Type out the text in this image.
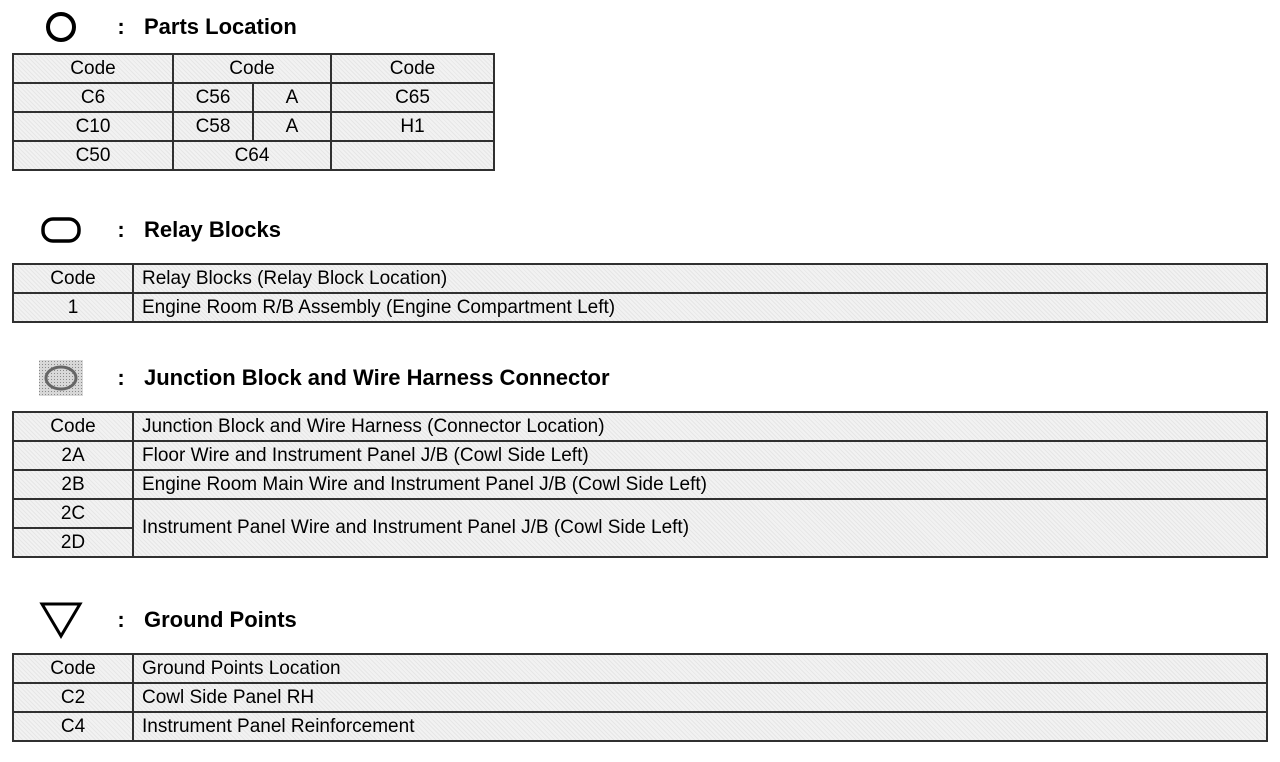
: Parts Location
Code	Code		Code
C6	C56	A	C65
C10	C58	A	H1
C50	C64		
: Relay Blocks
Code	Relay Blocks (Relay Block Location)
1	Engine Room R/B Assembly (Engine Compartment Left)
: Junction Block and Wire Harness Connector
Code	Junction Block and Wire Harness (Connector Location)
2A	Floor Wire and Instrument Panel J/B (Cowl Side Left)
2B	Engine Room Main Wire and Instrument Panel J/B (Cowl Side Left)
2C	Instrument Panel Wire and Instrument Panel J/B (Cowl Side Left)
2D	
: Ground Points
Code	Ground Points Location
C2	Cowl Side Panel RH
C4	Instrument Panel Reinforcement
